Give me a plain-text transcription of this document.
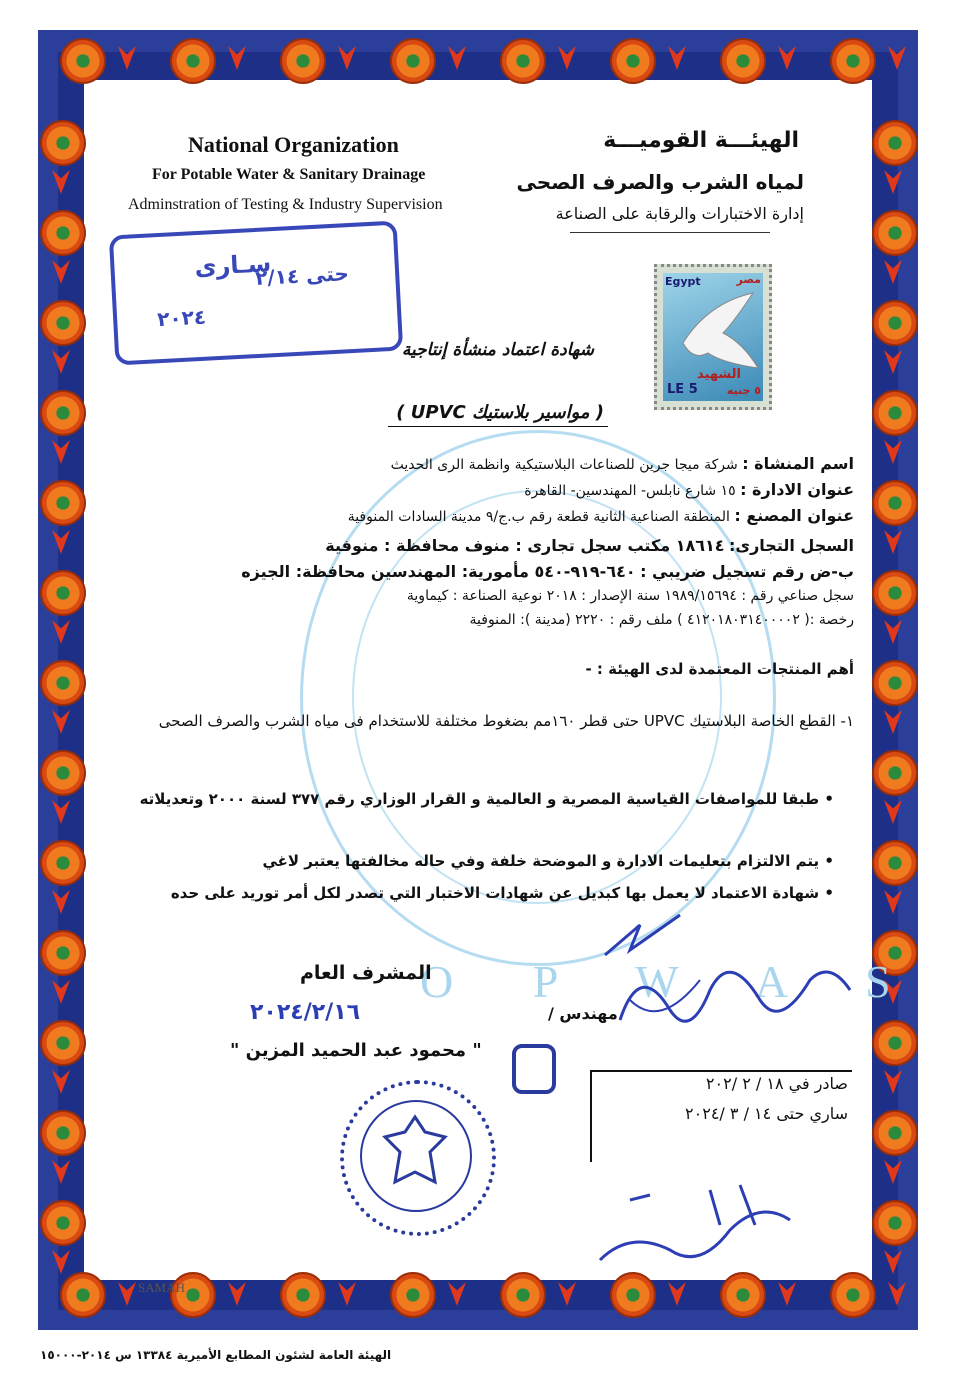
O P W A S
National Organization
For Potable Water & Sanitary Drainage
Adminstration of Testing & Industry Supervision
الهيئـــة القوميـــة
لمياه الشرب والصرف الصحى
إدارة الاختبارات والرقابة على الصناعة
سـارى
حتى ٢/١٤
٢٠٢٤
Egypt	مصر
الشهيد
LE 5	٥ جنيه
شهادة اعتماد منشأة إنتاجية
( مواسير بلاستيك UPVC )
اسم المنشاة : شركة ميجا جرين للصناعات البلاستيكية وانظمة الرى الحديث
عنوان الادارة : ١٥ شارع نابلس- المهندسين- القاهرة
عنوان المصنع : المنطقة الصناعية الثانية قطعة رقم ب.ج/٩ مدينة السادات المنوفية
السجل التجارى: ١٨٦١٤ مكتب سجل تجارى : منوف محافظة : منوفية
ب-ض رقم تسجيل ضريبي : ٦٤٠-٩١٩-٥٤٠ مأمورية: المهندسين محافظة: الجيزه
سجل صناعي رقم : ١٩٨٩/١٥٦٩٤ سنة الإصدار : ٢٠١٨ نوعية الصناعة : كيماوية
رخصة :( ٤١٢٠١٨٠٣١٤٠٠٠٠٢ ) ملف رقم : ٢٢٢٠ (مدينة ): المنوفية
أهم المنتجات المعتمدة لدى الهيئة : -
١- القطع الخاصة البلاستيك UPVC حتى قطر ١٦٠مم بضغوط مختلفة للاستخدام فى مياه الشرب والصرف الصحى
• طبقا للمواصفات القياسية المصرية و العالمية و القرار الوزاري رقم ٣٧٧ لسنة ٢٠٠٠ وتعديلاته
• يتم الالتزام بتعليمات الادارة و الموضحة خلفة وفي حاله مخالفتها يعتبر لاغي
• شهادة الاعتماد لا يعمل بها كبديل عن شهادات الاختبار التي تصدر لكل أمر توريد على حده
المشرف العام
٢٠٢٤/٢/١٦
" محمود عبد الحميد المزين "
مهندس /
صادر في ١٨ / ٢ /٢٠٢
ساري حتى ١٤ / ٣ /٢٠٢٤
SAMAH
الهيئة العامة لشئون المطابع الأميرية ١٣٣٨٤ س ٢٠١٤-١٥٠٠٠
